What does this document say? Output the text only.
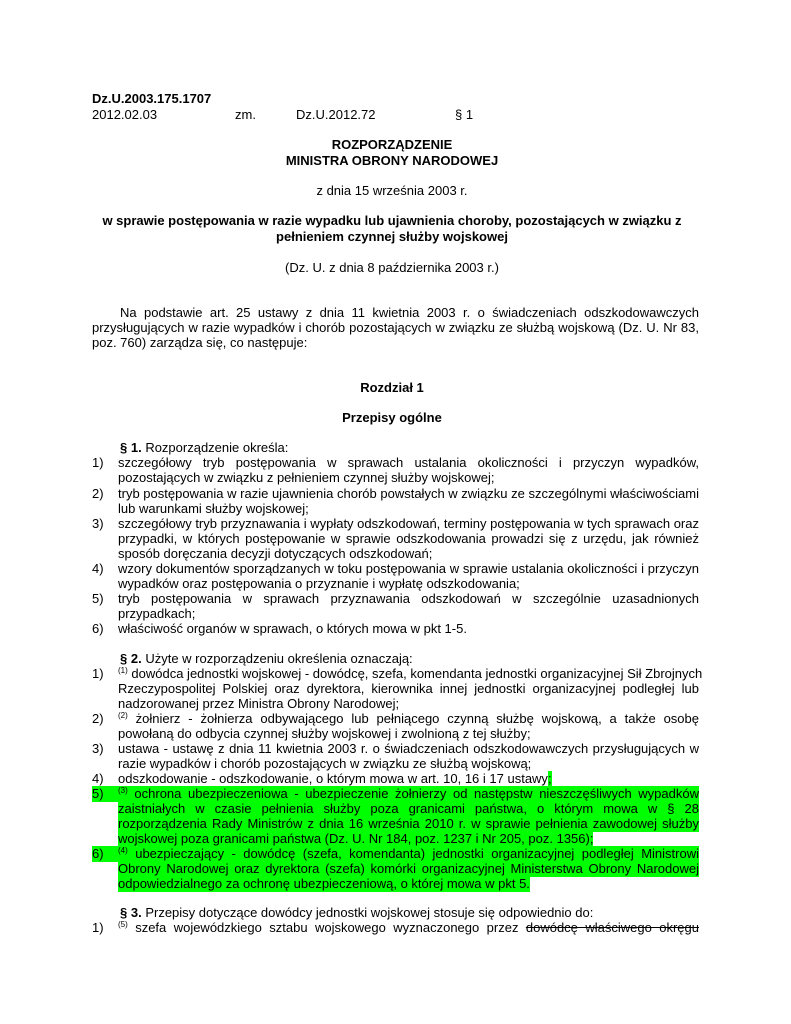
Dz.U.2003.175.1707
2012.02.03	zm.	Dz.U.2012.72	§ 1
ROZPORZĄDZENIE
MINISTRA OBRONY NARODOWEJ
z dnia 15 września 2003 r.
w sprawie postępowania w razie wypadku lub ujawnienia choroby, pozostających w związku z
pełnieniem czynnej służby wojskowej
(Dz. U. z dnia 8 października 2003 r.)
Na podstawie art. 25 ustawy z dnia 11 kwietnia 2003 r. o świadczeniach odszkodowawczych
przysługujących w razie wypadków i chorób pozostających w związku ze służbą wojskową (Dz. U. Nr 83,
poz. 760) zarządza się, co następuje:
Rozdział 1
Przepisy ogólne
§ 1. Rozporządzenie określa:
1) szczegółowy tryb postępowania w sprawach ustalania okoliczności i przyczyn wypadków,
pozostających w związku z pełnieniem czynnej służby wojskowej;
2) tryb postępowania w razie ujawnienia chorób powstałych w związku ze szczególnymi właściwościami
lub warunkami służby wojskowej;
3) szczegółowy tryb przyznawania i wypłaty odszkodowań, terminy postępowania w tych sprawach oraz
przypadki, w których postępowanie w sprawie odszkodowania prowadzi się z urzędu, jak również
sposób doręczania decyzji dotyczących odszkodowań;
4) wzory dokumentów sporządzanych w toku postępowania w sprawie ustalania okoliczności i przyczyn
wypadków oraz postępowania o przyznanie i wypłatę odszkodowania;
5) tryb postępowania w sprawach przyznawania odszkodowań w szczególnie uzasadnionych
przypadkach;
6) właściwość organów w sprawach, o których mowa w pkt 1-5.
§ 2. Użyte w rozporządzeniu określenia oznaczają:
1) $^{(1)}$ dowódca jednostki wojskowej - dowódcę, szefa, komendanta jednostki organizacyjnej Sił Zbrojnych
Rzeczypospolitej Polskiej oraz dyrektora, kierownika innej jednostki organizacyjnej podległej lub
nadzorowanej przez Ministra Obrony Narodowej;
2) $^{(2)}$ żołnierz - żołnierza odbywającego lub pełniącego czynną służbę wojskową, a także osobę
powołaną do odbycia czynnej służby wojskowej i zwolnioną z tej służby;
3) ustawa - ustawę z dnia 11 kwietnia 2003 r. o świadczeniach odszkodowawczych przysługujących w
razie wypadków i chorób pozostających w związku ze służbą wojskową;
4) odszkodowanie - odszkodowanie, o którym mowa w art. 10, 16 i 17 ustawy;
5)	$^{(3)}$ ochrona ubezpieczeniowa - ubezpieczenie żołnierzy od następstw nieszczęśliwych wypadków
zaistniałych w czasie pełnienia służby poza granicami państwa, o którym mowa w § 28
rozporządzenia Rady Ministrów z dnia 16 września 2010 r. w sprawie pełnienia zawodowej służby
wojskowej poza granicami państwa (Dz. U. Nr 184, poz. 1237 i Nr 205, poz. 1356);
6)	$^{(4)}$ ubezpieczający - dowódcę (szefa, komendanta) jednostki organizacyjnej podległej Ministrowi
Obrony Narodowej oraz dyrektora (szefa) komórki organizacyjnej Ministerstwa Obrony Narodowej
odpowiedzialnego za ochronę ubezpieczeniową, o której mowa w pkt 5.
§ 3. Przepisy dotyczące dowódcy jednostki wojskowej stosuje się odpowiednio do:
1) $^{(5)}$ szefa wojewódzkiego sztabu wojskowego wyznaczonego przez dowódcę właściwego okręgu
